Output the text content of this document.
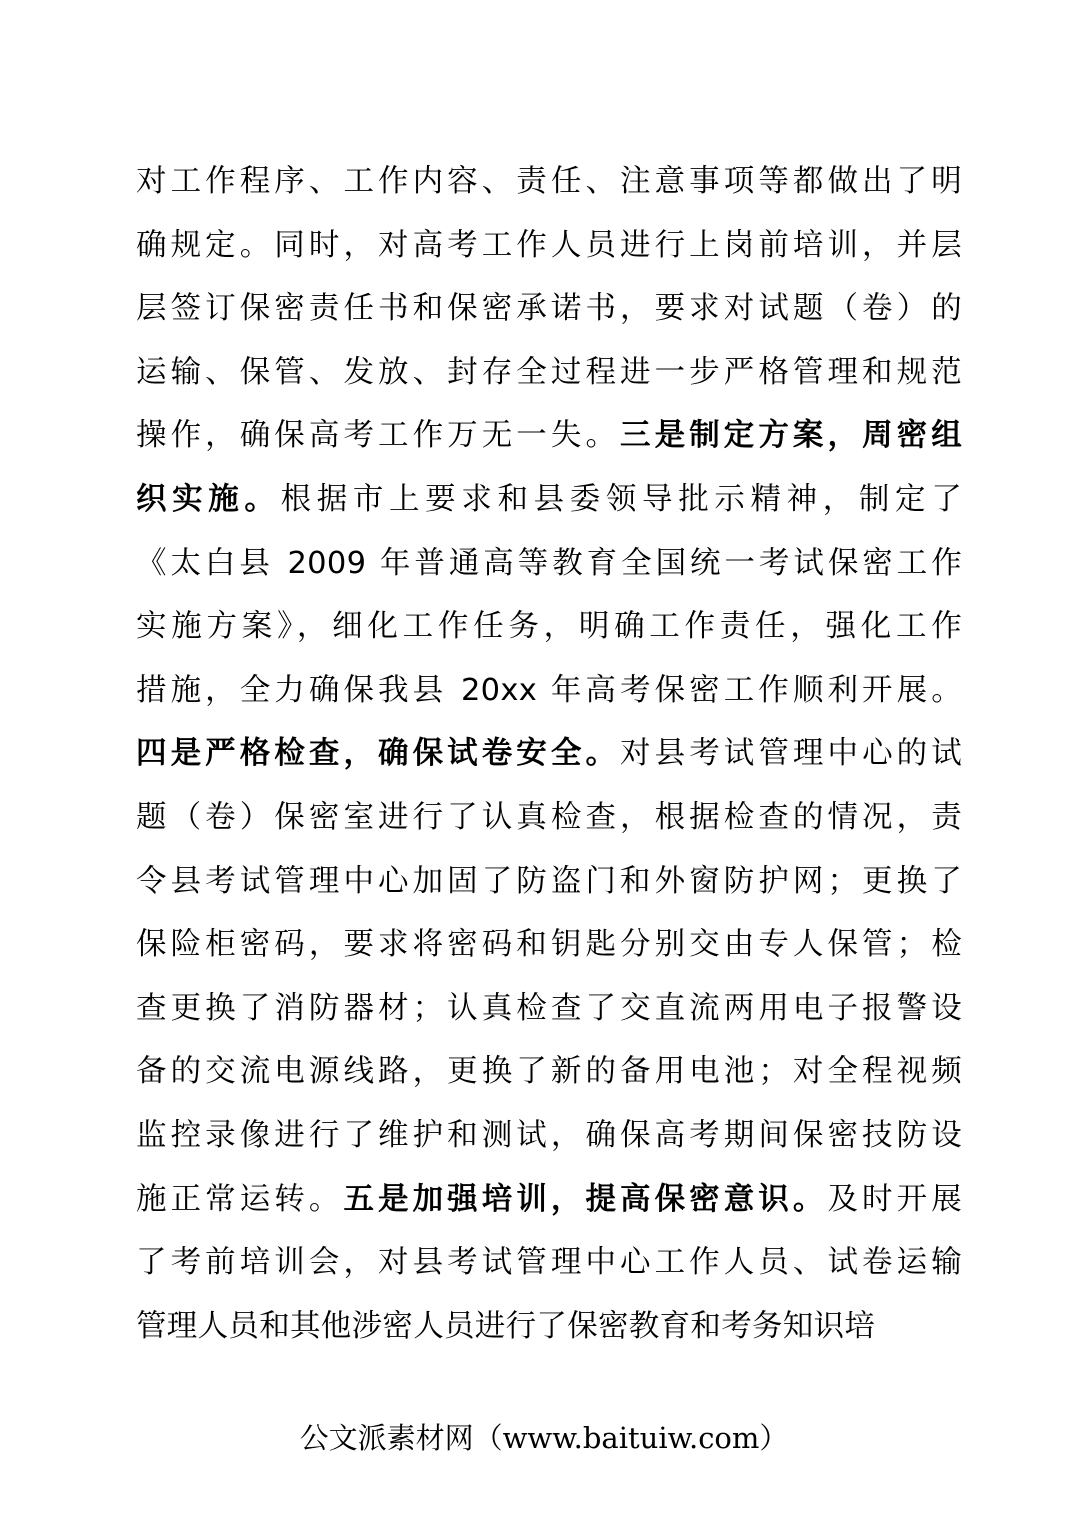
对工作程序、工作内容、责任、注意事项等都做出了明
确规定。同时，对高考工作人员进行上岗前培训，并层
层签订保密责任书和保密承诺书，要求对试题（卷）的
运输、保管、发放、封存全过程进一步严格管理和规范
操作，确保高考工作万无一失。三是制定方案，周密组
织实施。根据市上要求和县委领导批示精神，制定了
《太白县 2009 年普通高等教育全国统一考试保密工作
实施方案》，细化工作任务，明确工作责任，强化工作
措施，全力确保我县 20xx 年高考保密工作顺利开展。
四是严格检查，确保试卷安全。对县考试管理中心的试
题（卷）保密室进行了认真检查，根据检查的情况，责
令县考试管理中心加固了防盗门和外窗防护网；更换了
保险柜密码，要求将密码和钥匙分别交由专人保管；检
查更换了消防器材；认真检查了交直流两用电子报警设
备的交流电源线路，更换了新的备用电池；对全程视频
监控录像进行了维护和测试，确保高考期间保密技防设
施正常运转。五是加强培训，提高保密意识。及时开展
了考前培训会，对县考试管理中心工作人员、试卷运输
管理人员和其他涉密人员进行了保密教育和考务知识培
公文派素材网（www.baituiw.com）
